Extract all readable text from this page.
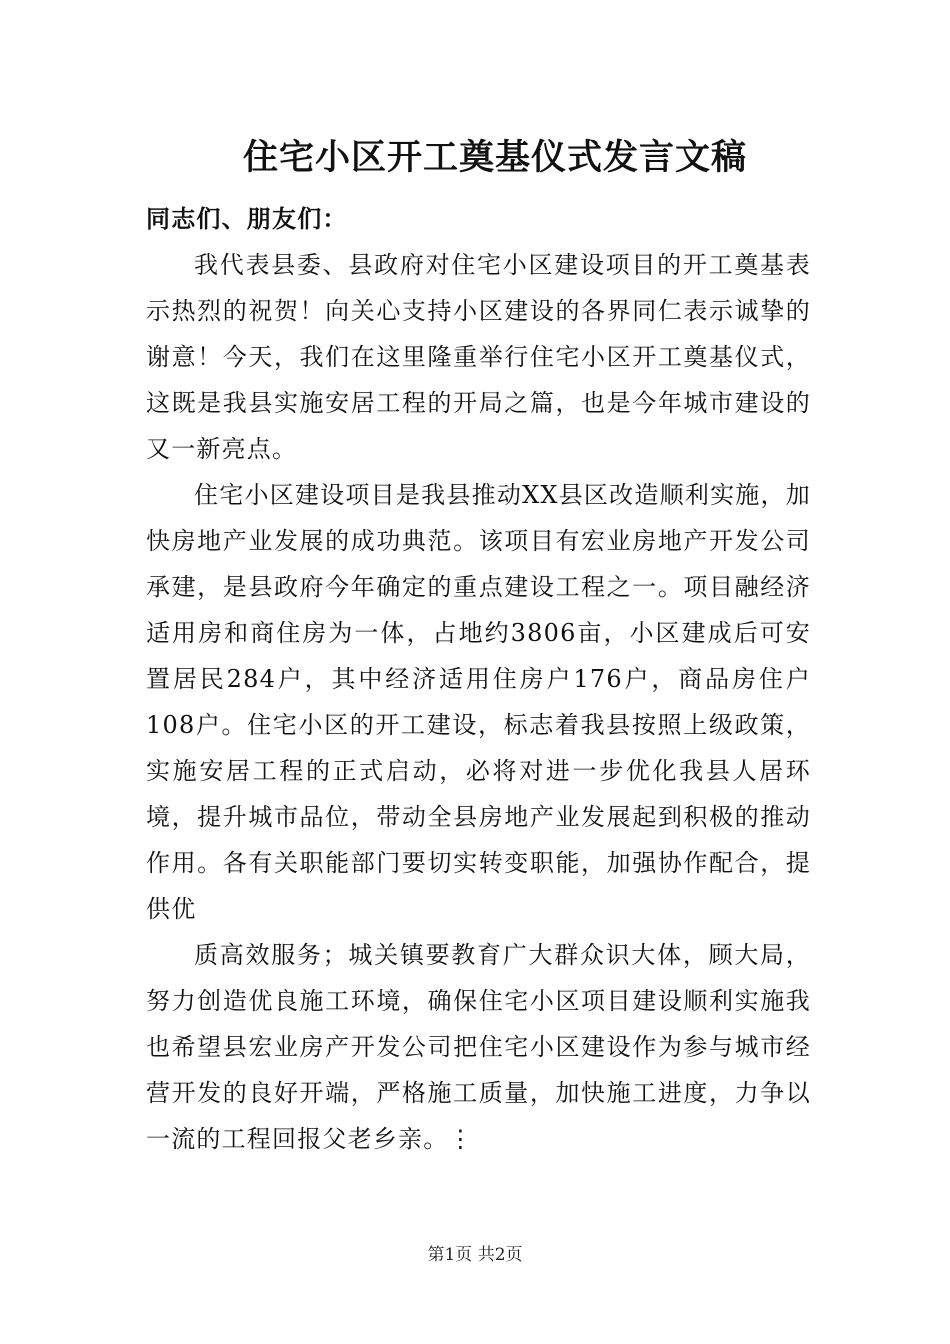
住宅小区开工奠基仪式发言文稿

同志们、朋友们：

我代表县委、县政府对住宅小区建设项目的开工奠基表示热烈的祝贺！向关心支持小区建设的各界同仁表示诚挚的谢意！今天，我们在这里隆重举行住宅小区开工奠基仪式，这既是我县实施安居工程的开局之篇，也是今年城市建设的又一新亮点。

住宅小区建设项目是我县推动XX县区改造顺利实施，加快房地产业发展的成功典范。该项目有宏业房地产开发公司承建，是县政府今年确定的重点建设工程之一。项目融经济适用房和商住房为一体，占地约3806亩，小区建成后可安置居民284户，其中经济适用住房户176户，商品房住户108户。住宅小区的开工建设，标志着我县按照上级政策，实施安居工程的正式启动，必将对进一步优化我县人居环境，提升城市品位，带动全县房地产业发展起到积极的推动作用。各有关职能部门要切实转变职能，加强协作配合，提供优

质高效服务；城关镇要教育广大群众识大体，顾大局，努力创造优良施工环境，确保住宅小区项目建设顺利实施我也希望县宏业房产开发公司把住宅小区建设作为参与城市经营开发的良好开端，严格施工质量，加快施工进度，力争以一流的工程回报父老乡亲。⋮

第1页 共2页
